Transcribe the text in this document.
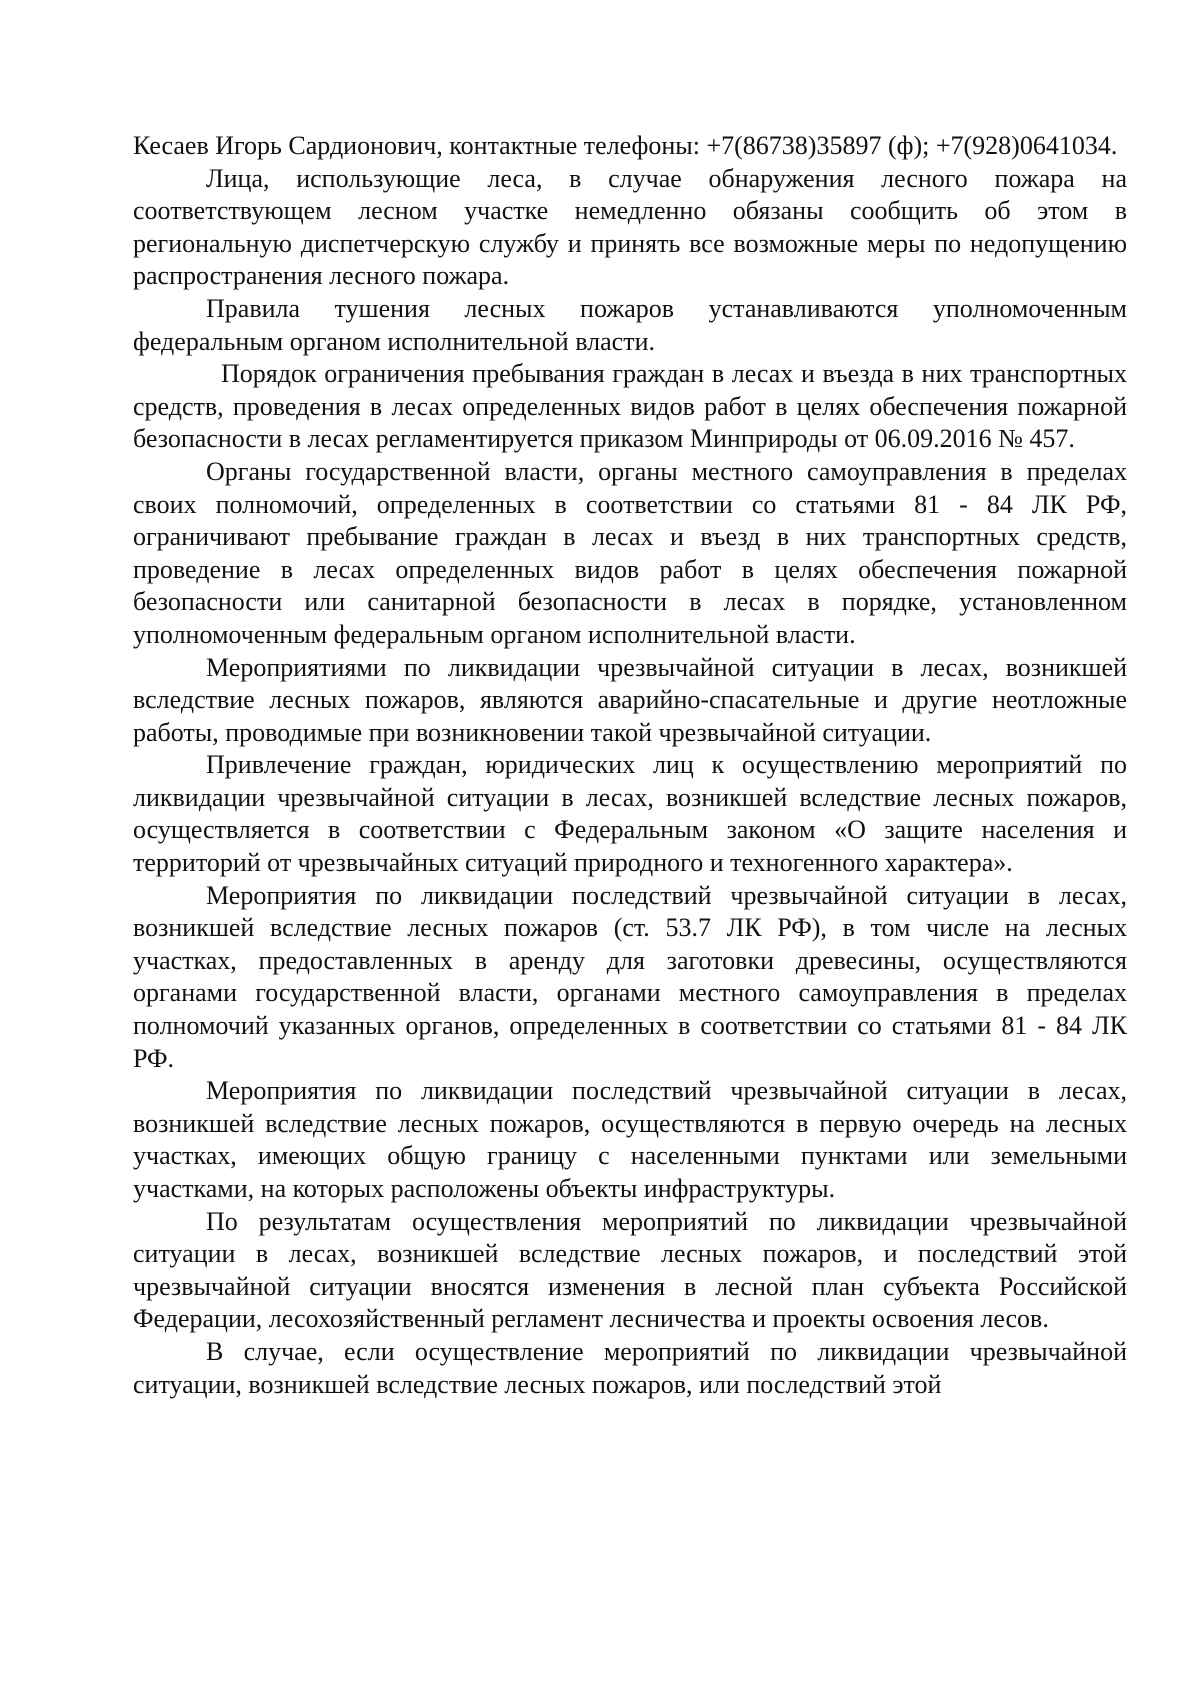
Кесаев Игорь Сардионович, контактные телефоны: +7(86738)35897 (ф); +7(928)0641034.

Лица, использующие леса, в случае обнаружения лесного пожара на соответствующем лесном участке немедленно обязаны сообщить об этом в региональную диспетчерскую службу и принять все возможные меры по недопущению распространения лесного пожара.

Правила тушения лесных пожаров устанавливаются уполномоченным федеральным органом исполнительной власти.

Порядок ограничения пребывания граждан в лесах и въезда в них транспортных средств, проведения в лесах определенных видов работ в целях обеспечения пожарной безопасности в лесах регламентируется приказом Минприроды от 06.09.2016 № 457.

Органы государственной власти, органы местного самоуправления в пределах своих полномочий, определенных в соответствии со статьями 81 - 84 ЛК РФ, ограничивают пребывание граждан в лесах и въезд в них транспортных средств, проведение в лесах определенных видов работ в целях обеспечения пожарной безопасности или санитарной безопасности в лесах в порядке, установленном уполномоченным федеральным органом исполнительной власти.

Мероприятиями по ликвидации чрезвычайной ситуации в лесах, возникшей вследствие лесных пожаров, являются аварийно-спасательные и другие неотложные работы, проводимые при возникновении такой чрезвычайной ситуации.

Привлечение граждан, юридических лиц к осуществлению мероприятий по ликвидации чрезвычайной ситуации в лесах, возникшей вследствие лесных пожаров, осуществляется в соответствии с Федеральным законом «О защите населения и территорий от чрезвычайных ситуаций природного и техногенного характера».

Мероприятия по ликвидации последствий чрезвычайной ситуации в лесах, возникшей вследствие лесных пожаров (ст. 53.7 ЛК РФ), в том числе на лесных участках, предоставленных в аренду для заготовки древесины, осуществляются органами государственной власти, органами местного самоуправления в пределах полномочий указанных органов, определенных в соответствии со статьями 81 - 84 ЛК РФ.

Мероприятия по ликвидации последствий чрезвычайной ситуации в лесах, возникшей вследствие лесных пожаров, осуществляются в первую очередь на лесных участках, имеющих общую границу с населенными пунктами или земельными участками, на которых расположены объекты инфраструктуры.

По результатам осуществления мероприятий по ликвидации чрезвычайной ситуации в лесах, возникшей вследствие лесных пожаров, и последствий этой чрезвычайной ситуации вносятся изменения в лесной план субъекта Российской Федерации, лесохозяйственный регламент лесничества и проекты освоения лесов.

В случае, если осуществление мероприятий по ликвидации чрезвычайной ситуации, возникшей вследствие лесных пожаров, или последствий этой
